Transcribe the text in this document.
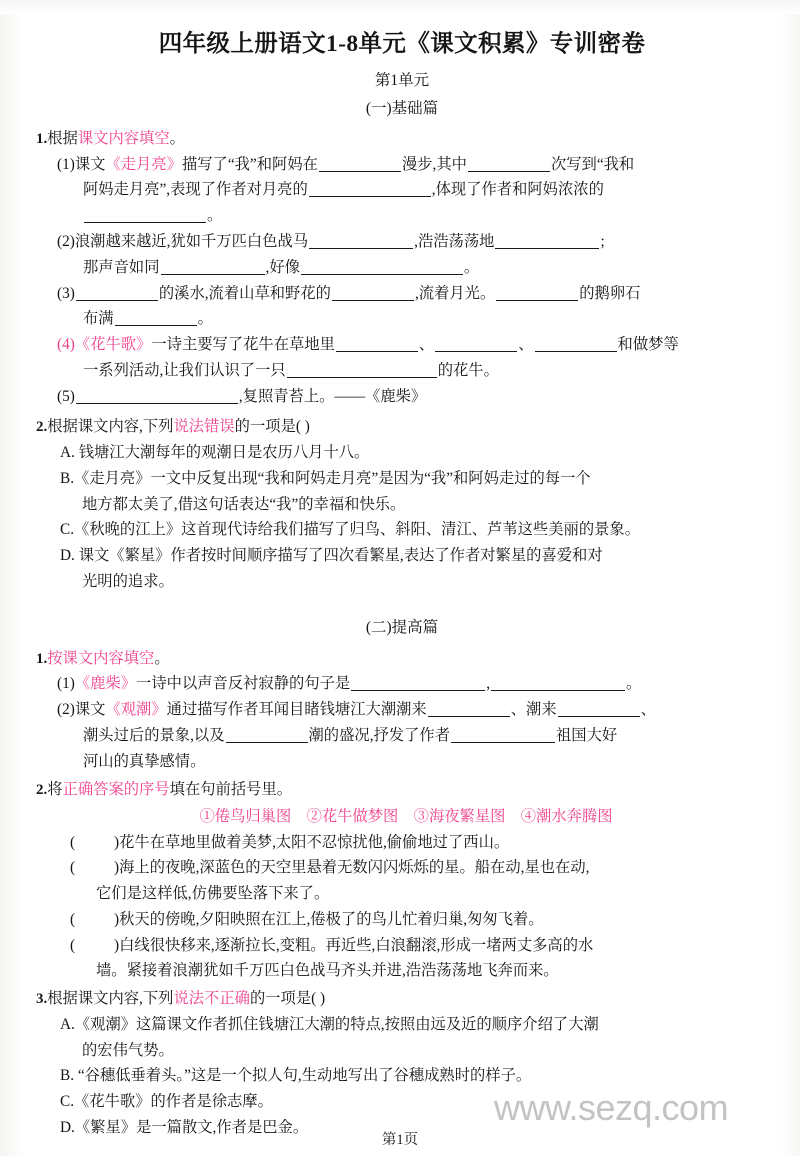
四年级上册语文1-8单元《课文积累》专训密卷
第1单元
(一)基础篇
1.根据课文内容填空。
(1)课文《走月亮》描写了“我”和阿妈在	漫步,其中	次写到“我和
阿妈走月亮”,表现了作者对月亮的	,体现了作者和阿妈浓浓的
。
(2)浪潮越来越近,犹如千万匹白色战马	,浩浩荡荡地	;
那声音如同	,好像	。
(3)	的溪水,流着山草和野花的	,流着月光。	的鹅卵石
布满	。
(4)《花牛歌》一诗主要写了花牛在草地里	、	、	和做梦等
一系列活动,让我们认识了一只	的花牛。
(5)	,复照青苔上。——《鹿柴》
2.根据课文内容,下列说法错误的一项是( )
A. 钱塘江大潮每年的观潮日是农历八月十八。
B.《走月亮》一文中反复出现“我和阿妈走月亮”是因为“我”和阿妈走过的每一个
地方都太美了,借这句话表达“我”的幸福和快乐。
C.《秋晚的江上》这首现代诗给我们描写了归鸟、斜阳、清江、芦苇这些美丽的景象。
D. 课文《繁星》作者按时间顺序描写了四次看繁星,表达了作者对繁星的喜爱和对
光明的追求。
(二)提高篇
1.按课文内容填空。
(1)《鹿柴》一诗中以声音反衬寂静的句子是	,	。
(2)课文《观潮》通过描写作者耳闻目睹钱塘江大潮潮来	、潮来	、
潮头过后的景象,以及	潮的盛况,抒发了作者	祖国大好
河山的真挚感情。
2.将正确答案的序号填在句前括号里。
①倦鸟归巢图　②花牛做梦图　③海夜繁星图　④潮水奔腾图
(	)花牛在草地里做着美梦,太阳不忍惊扰他,偷偷地过了西山。
(	)海上的夜晚,深蓝色的天空里悬着无数闪闪烁烁的星。船在动,星也在动,
它们是这样低,仿佛要坠落下来了。
(	)秋天的傍晚,夕阳映照在江上,倦极了的鸟儿忙着归巢,匆匆飞着。
(	)白线很快移来,逐渐拉长,变粗。再近些,白浪翻滚,形成一堵两丈多高的水
墙。紧接着浪潮犹如千万匹白色战马齐头并进,浩浩荡荡地飞奔而来。
3.根据课文内容,下列说法不正确的一项是( )
A.《观潮》这篇课文作者抓住钱塘江大潮的特点,按照由远及近的顺序介绍了大潮
的宏伟气势。
B. “谷穗低垂着头。”这是一个拟人句,生动地写出了谷穗成熟时的样子。
C.《花牛歌》的作者是徐志摩。
D.《繁星》是一篇散文,作者是巴金。	www.sezq.com
第1页
